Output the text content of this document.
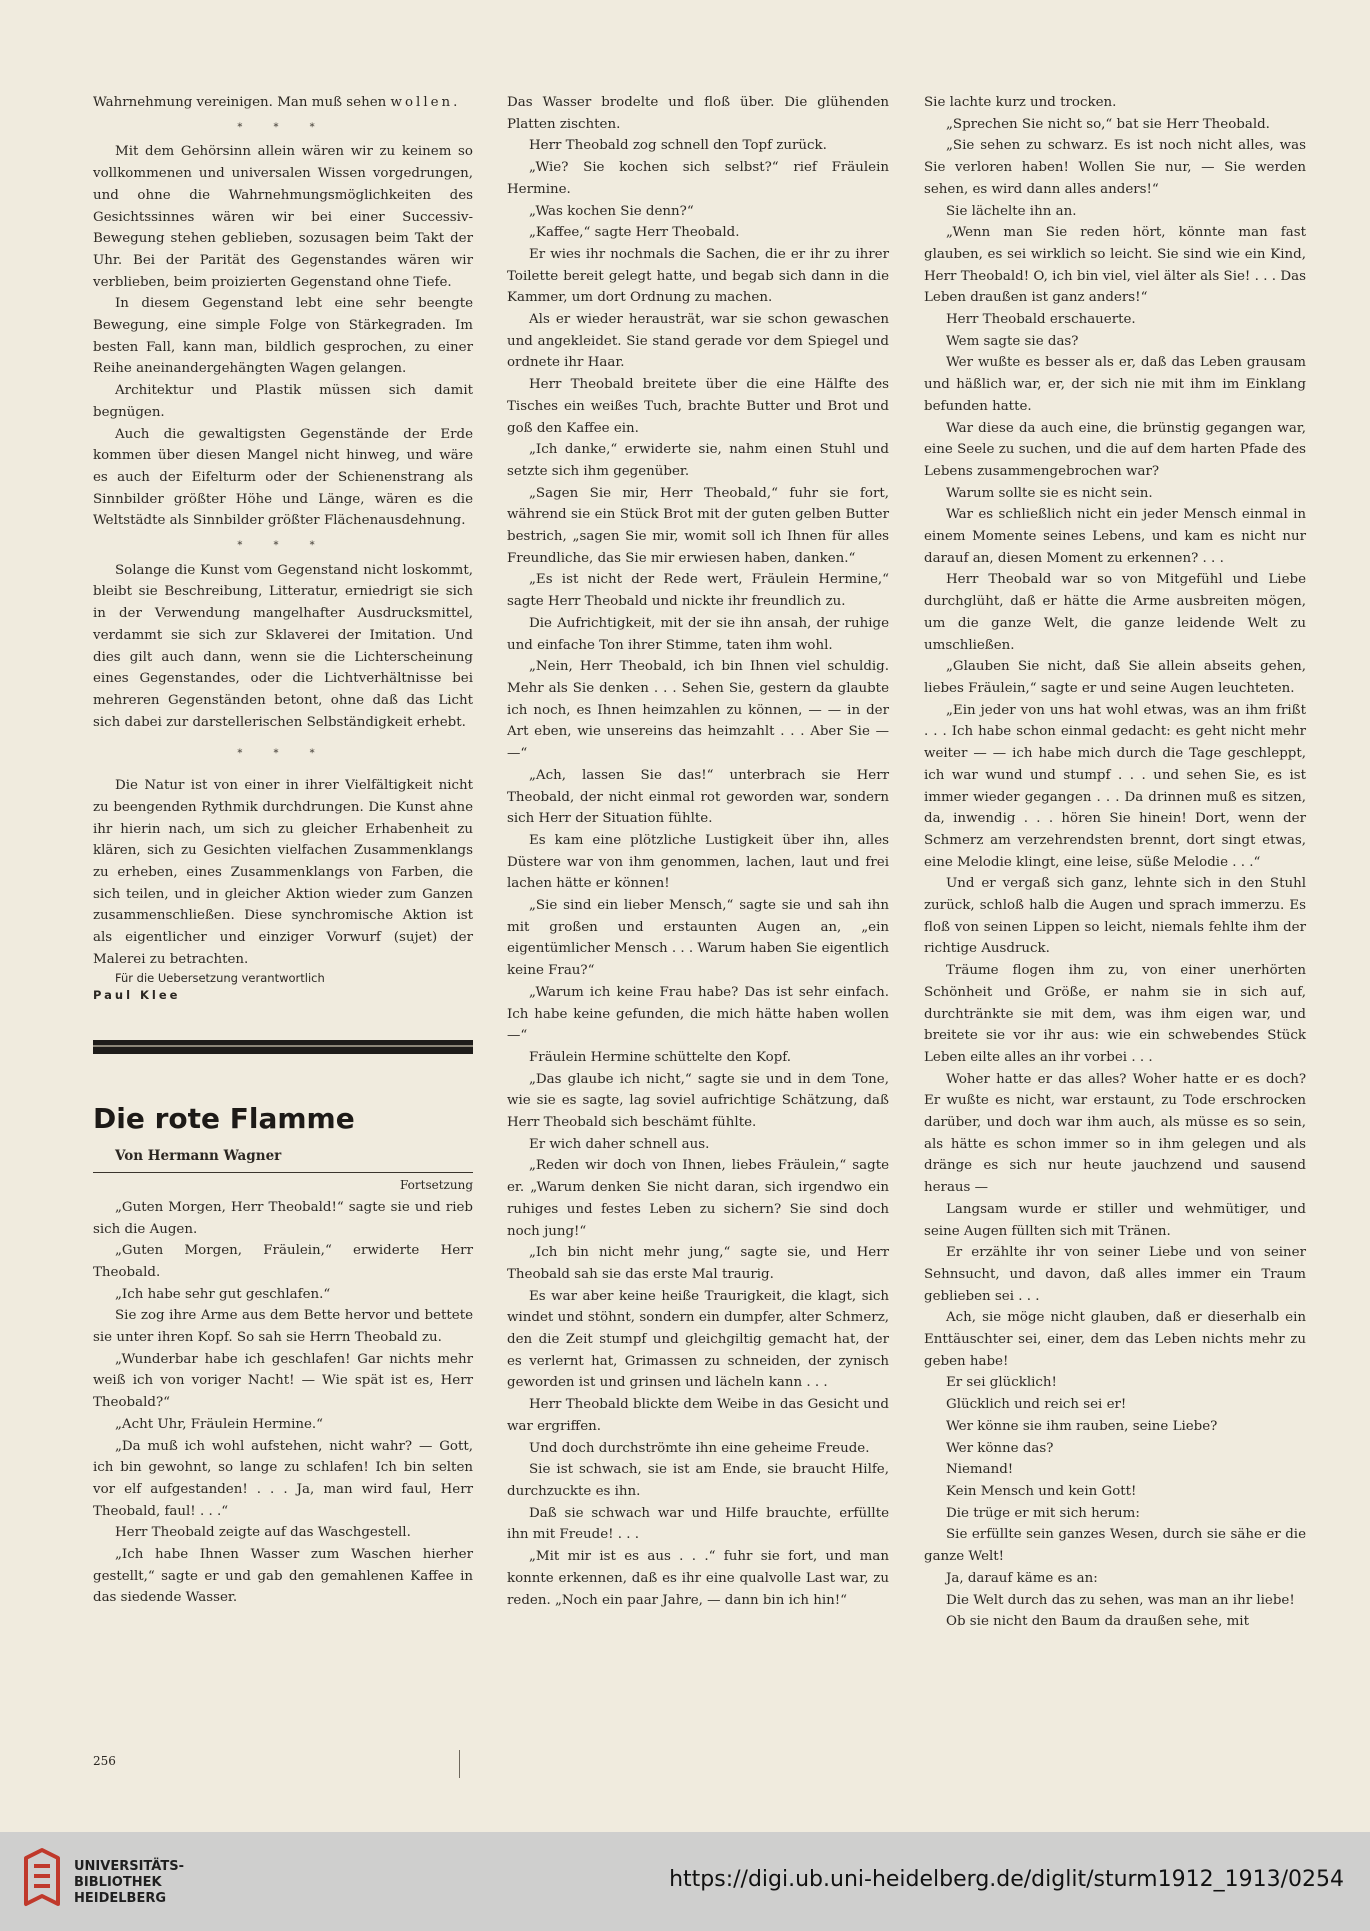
Wahrnehmung vereinigen. Man muß sehen wollen.

* * *

Mit dem Gehörsinn allein wären wir zu keinem so vollkommenen und universalen Wissen vorgedrungen, und ohne die Wahrnehmungsmöglichkeiten des Gesichtssinnes wären wir bei einer Successiv-Bewegung stehen geblieben, sozusagen beim Takt der Uhr. Bei der Parität des Gegenstandes wären wir verblieben, beim proizierten Gegenstand ohne Tiefe.

In diesem Gegenstand lebt eine sehr beengte Bewegung, eine simple Folge von Stärkegraden. Im besten Fall, kann man, bildlich gesprochen, zu einer Reihe aneinandergehängten Wagen gelangen.

Architektur und Plastik müssen sich damit begnügen.

Auch die gewaltigsten Gegenstände der Erde kommen über diesen Mangel nicht hinweg, und wäre es auch der Eifelturm oder der Schienenstrang als Sinnbilder größter Höhe und Länge, wären es die Weltstädte als Sinnbilder größter Flächenausdehnung.

* * *

Solange die Kunst vom Gegenstand nicht loskommt, bleibt sie Beschreibung, Litteratur, erniedrigt sie sich in der Verwendung mangelhafter Ausdrucksmittel, verdammt sie sich zur Sklaverei der Imitation. Und dies gilt auch dann, wenn sie die Lichterscheinung eines Gegenstandes, oder die Lichtverhältnisse bei mehreren Gegenständen betont, ohne daß das Licht sich dabei zur darstellerischen Selbständigkeit erhebt.

* * *

Die Natur ist von einer in ihrer Vielfältigkeit nicht zu beengenden Rythmik durchdrungen. Die Kunst ahne ihr hierin nach, um sich zu gleicher Erhabenheit zu klären, sich zu Gesichten vielfachen Zusammenklangs zu erheben, eines Zusammenklangs von Farben, die sich teilen, und in gleicher Aktion wieder zum Ganzen zusammenschließen. Diese synchromische Aktion ist als eigentlicher und einziger Vorwurf (sujet) der Malerei zu betrachten.

Für die Uebersetzung verantwortlich
Paul Klee

Die rote Flamme

Von Hermann Wagner

Fortsetzung

„Guten Morgen, Herr Theobald!“ sagte sie und rieb sich die Augen.

„Guten Morgen, Fräulein,“ erwiderte Herr Theobald.

„Ich habe sehr gut geschlafen.“

Sie zog ihre Arme aus dem Bette hervor und bettete sie unter ihren Kopf. So sah sie Herrn Theobald zu.

„Wunderbar habe ich geschlafen! Gar nichts mehr weiß ich von voriger Nacht! — Wie spät ist es, Herr Theobald?“

„Acht Uhr, Fräulein Hermine.“

„Da muß ich wohl aufstehen, nicht wahr? — Gott, ich bin gewohnt, so lange zu schlafen! Ich bin selten vor elf aufgestanden! . . . Ja, man wird faul, Herr Theobald, faul! . . .“

Herr Theobald zeigte auf das Waschgestell.

„Ich habe Ihnen Wasser zum Waschen hierher gestellt,“ sagte er und gab den gemahlenen Kaffee in das siedende Wasser.

Das Wasser brodelte und floß über. Die glühenden Platten zischten.

Herr Theobald zog schnell den Topf zurück.

„Wie? Sie kochen sich selbst?“ rief Fräulein Hermine.

„Was kochen Sie denn?“

„Kaffee,“ sagte Herr Theobald.

Er wies ihr nochmals die Sachen, die er ihr zu ihrer Toilette bereit gelegt hatte, und begab sich dann in die Kammer, um dort Ordnung zu machen.

Als er wieder herausträt, war sie schon gewaschen und angekleidet. Sie stand gerade vor dem Spiegel und ordnete ihr Haar.

Herr Theobald breitete über die eine Hälfte des Tisches ein weißes Tuch, brachte Butter und Brot und goß den Kaffee ein.

„Ich danke,“ erwiderte sie, nahm einen Stuhl und setzte sich ihm gegenüber.

„Sagen Sie mir, Herr Theobald,“ fuhr sie fort, während sie ein Stück Brot mit der guten gelben Butter bestrich, „sagen Sie mir, womit soll ich Ihnen für alles Freundliche, das Sie mir erwiesen haben, danken.“

„Es ist nicht der Rede wert, Fräulein Hermine,“ sagte Herr Theobald und nickte ihr freundlich zu.

Die Aufrichtigkeit, mit der sie ihn ansah, der ruhige und einfache Ton ihrer Stimme, taten ihm wohl.

„Nein, Herr Theobald, ich bin Ihnen viel schuldig. Mehr als Sie denken . . . Sehen Sie, gestern da glaubte ich noch, es Ihnen heimzahlen zu können, — — in der Art eben, wie unsereins das heimzahlt . . . Aber Sie — —“

„Ach, lassen Sie das!“ unterbrach sie Herr Theobald, der nicht einmal rot geworden war, sondern sich Herr der Situation fühlte.

Es kam eine plötzliche Lustigkeit über ihn, alles Düstere war von ihm genommen, lachen, laut und frei lachen hätte er können!

„Sie sind ein lieber Mensch,“ sagte sie und sah ihn mit großen und erstaunten Augen an, „ein eigentümlicher Mensch . . . Warum haben Sie eigentlich keine Frau?“

„Warum ich keine Frau habe? Das ist sehr einfach. Ich habe keine gefunden, die mich hätte haben wollen —“

Fräulein Hermine schüttelte den Kopf.

„Das glaube ich nicht,“ sagte sie und in dem Tone, wie sie es sagte, lag soviel aufrichtige Schätzung, daß Herr Theobald sich beschämt fühlte.

Er wich daher schnell aus.

„Reden wir doch von Ihnen, liebes Fräulein,“ sagte er. „Warum denken Sie nicht daran, sich irgendwo ein ruhiges und festes Leben zu sichern? Sie sind doch noch jung!“

„Ich bin nicht mehr jung,“ sagte sie, und Herr Theobald sah sie das erste Mal traurig.

Es war aber keine heiße Traurigkeit, die klagt, sich windet und stöhnt, sondern ein dumpfer, alter Schmerz, den die Zeit stumpf und gleichgiltig gemacht hat, der es verlernt hat, Grimassen zu schneiden, der zynisch geworden ist und grinsen und lächeln kann . . .

Herr Theobald blickte dem Weibe in das Gesicht und war ergriffen.

Und doch durchströmte ihn eine geheime Freude.

Sie ist schwach, sie ist am Ende, sie braucht Hilfe, durchzuckte es ihn.

Daß sie schwach war und Hilfe brauchte, erfüllte ihn mit Freude! . . .

„Mit mir ist es aus . . .“ fuhr sie fort, und man konnte erkennen, daß es ihr eine qualvolle Last war, zu reden. „Noch ein paar Jahre, — dann bin ich hin!“

Sie lachte kurz und trocken.

„Sprechen Sie nicht so,“ bat sie Herr Theobald.

„Sie sehen zu schwarz. Es ist noch nicht alles, was Sie verloren haben! Wollen Sie nur, — Sie werden sehen, es wird dann alles anders!“

Sie lächelte ihn an.

„Wenn man Sie reden hört, könnte man fast glauben, es sei wirklich so leicht. Sie sind wie ein Kind, Herr Theobald! O, ich bin viel, viel älter als Sie! . . . Das Leben draußen ist ganz anders!“

Herr Theobald erschauerte.

Wem sagte sie das?

Wer wußte es besser als er, daß das Leben grausam und häßlich war, er, der sich nie mit ihm im Einklang befunden hatte.

War diese da auch eine, die brünstig gegangen war, eine Seele zu suchen, und die auf dem harten Pfade des Lebens zusammengebrochen war?

Warum sollte sie es nicht sein.

War es schließlich nicht ein jeder Mensch einmal in einem Momente seines Lebens, und kam es nicht nur darauf an, diesen Moment zu erkennen? . . .

Herr Theobald war so von Mitgefühl und Liebe durchglüht, daß er hätte die Arme ausbreiten mögen, um die ganze Welt, die ganze leidende Welt zu umschließen.

„Glauben Sie nicht, daß Sie allein abseits gehen, liebes Fräulein,“ sagte er und seine Augen leuchteten.

„Ein jeder von uns hat wohl etwas, was an ihm frißt . . . Ich habe schon einmal gedacht: es geht nicht mehr weiter — — ich habe mich durch die Tage geschleppt, ich war wund und stumpf . . . und sehen Sie, es ist immer wieder gegangen . . . Da drinnen muß es sitzen, da, inwendig . . . hören Sie hinein! Dort, wenn der Schmerz am verzehrendsten brennt, dort singt etwas, eine Melodie klingt, eine leise, süße Melodie . . .“

Und er vergaß sich ganz, lehnte sich in den Stuhl zurück, schloß halb die Augen und sprach immerzu. Es floß von seinen Lippen so leicht, niemals fehlte ihm der richtige Ausdruck.

Träume flogen ihm zu, von einer unerhörten Schönheit und Größe, er nahm sie in sich auf, durchtränkte sie mit dem, was ihm eigen war, und breitete sie vor ihr aus: wie ein schwebendes Stück Leben eilte alles an ihr vorbei . . .

Woher hatte er das alles? Woher hatte er es doch? Er wußte es nicht, war erstaunt, zu Tode erschrocken darüber, und doch war ihm auch, als müsse es so sein, als hätte es schon immer so in ihm gelegen und als dränge es sich nur heute jauchzend und sausend heraus —

Langsam wurde er stiller und wehmütiger, und seine Augen füllten sich mit Tränen.

Er erzählte ihr von seiner Liebe und von seiner Sehnsucht, und davon, daß alles immer ein Traum geblieben sei . . .

Ach, sie möge nicht glauben, daß er dieserhalb ein Enttäuschter sei, einer, dem das Leben nichts mehr zu geben habe!

Er sei glücklich!

Glücklich und reich sei er!

Wer könne sie ihm rauben, seine Liebe?

Wer könne das?

Niemand!

Kein Mensch und kein Gott!

Die trüge er mit sich herum:

Sie erfüllte sein ganzes Wesen, durch sie sähe er die ganze Welt!

Ja, darauf käme es an:

Die Welt durch das zu sehen, was man an ihr liebe!

Ob sie nicht den Baum da draußen sehe, mit

256
UNIVERSITÄTS-
BIBLIOTHEK
HEIDELBERG
https://digi.ub.uni-heidelberg.de/diglit/sturm1912_1913/0254
